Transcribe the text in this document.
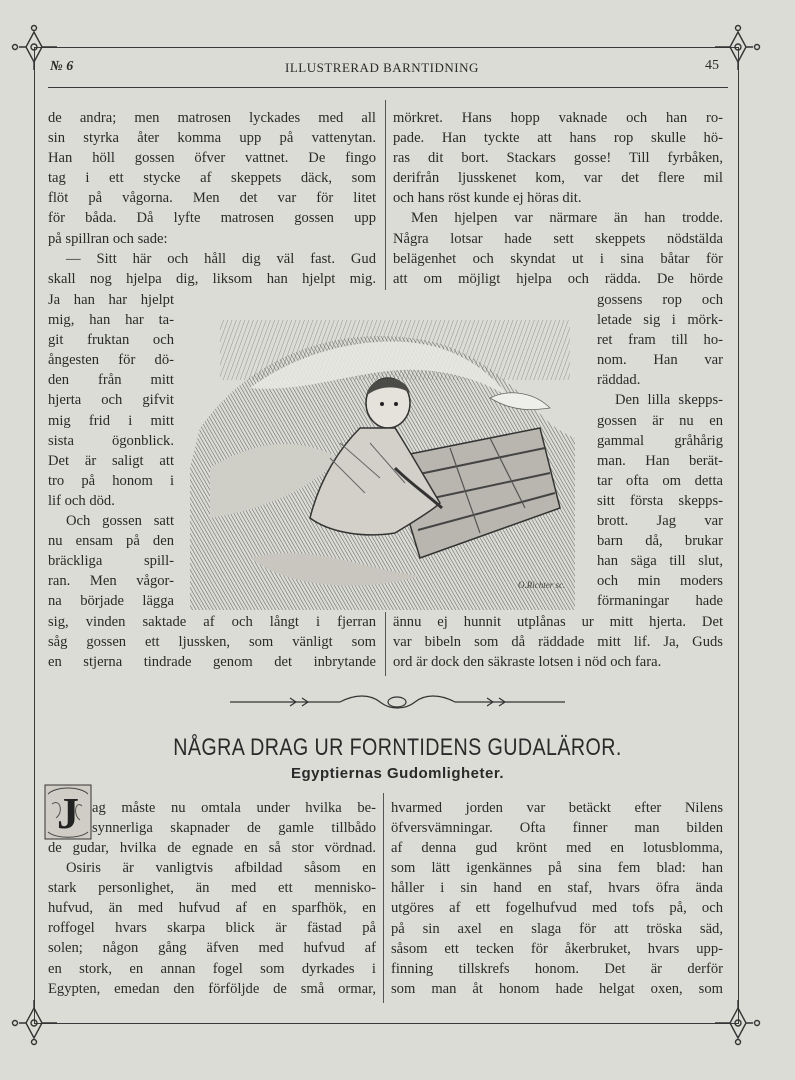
№ 6	ILLUSTRERAD BARNTIDNING	45

de andra; men matrosen lyckades med all

sin styrka åter komma upp på vattenytan.

Han höll gossen öfver vattnet. De fingo

tag i ett stycke af skeppets däck, som

flöt på vågorna. Men det var för litet

för båda. Då lyfte matrosen gossen upp

på spillran och sade:

— Sitt här och håll dig väl fast. Gud

skall nog hjelpa dig, liksom han hjelpt mig.

Ja han har hjelpt

mig, han har ta-

git fruktan och

ångesten för dö-

den från mitt

hjerta och gifvit

mig frid i mitt

sista ögonblick.

Det är saligt att

tro på honom i

lif och död.

Och gossen satt

nu ensam på den

bräckliga spill-

ran. Men vågor-

na började lägga

sig, vinden saktade af och långt i fjerran

såg gossen ett ljussken, som vänligt som

en stjerna tindrade genom det inbrytande

mörkret. Hans hopp vaknade och han ro-

pade. Han tyckte att hans rop skulle hö-

ras dit bort. Stackars gosse! Till fyrbåken,

derifrån ljusskenet kom, var det flere mil

och hans röst kunde ej höras dit.

Men hjelpen var närmare än han trodde.

Några lotsar hade sett skeppets nödstälda

belägenhet och skyndat ut i sina båtar för

att om möjligt hjelpa och rädda. De hörde

gossens rop och

letade sig i mörk-

ret fram till ho-

nom. Han var

räddad.

Den lilla skepps-

gossen är nu en

gammal gråhårig

man. Han berät-

tar ofta om detta

sitt första skepps-

brott. Jag var

barn då, brukar

han säga till slut,

och min moders

förmaningar hade

ännu ej hunnit utplånas ur mitt hjerta. Det

var bibeln som då räddade mitt lif. Ja, Guds

ord är dock den säkraste lotsen i nöd och fara.

O.Richter sc.
NÅGRA DRAG UR FORNTIDENS GUDALÄROR.
Egyptiernas Gudomligheter.
J ag måste nu omtala under hvilka be-

synnerliga skapnader de gamle tillbådo

de gudar, hvilka de egnade en så stor vördnad.

Osiris är vanligtvis afbildad såsom en

stark personlighet, än med ett mennisko-

hufvud, än med hufvud af en sparfhök, en

roffogel hvars skarpa blick är fästad på

solen; någon gång äfven med hufvud af

en stork, en annan fogel som dyrkades i

Egypten, emedan den förföljde de små ormar,

hvarmed jorden var betäckt efter Nilens

öfversvämningar. Ofta finner man bilden

af denna gud krönt med en lotusblomma,

som lätt igenkännes på sina fem blad: han

håller i sin hand en staf, hvars öfra ända

utgöres af ett fogelhufvud med tofs på, och

på sin axel en slaga för att tröska säd,

såsom ett tecken för åkerbruket, hvars upp-

finning tillskrefs honom. Det är derför

som man åt honom hade helgat oxen, som
